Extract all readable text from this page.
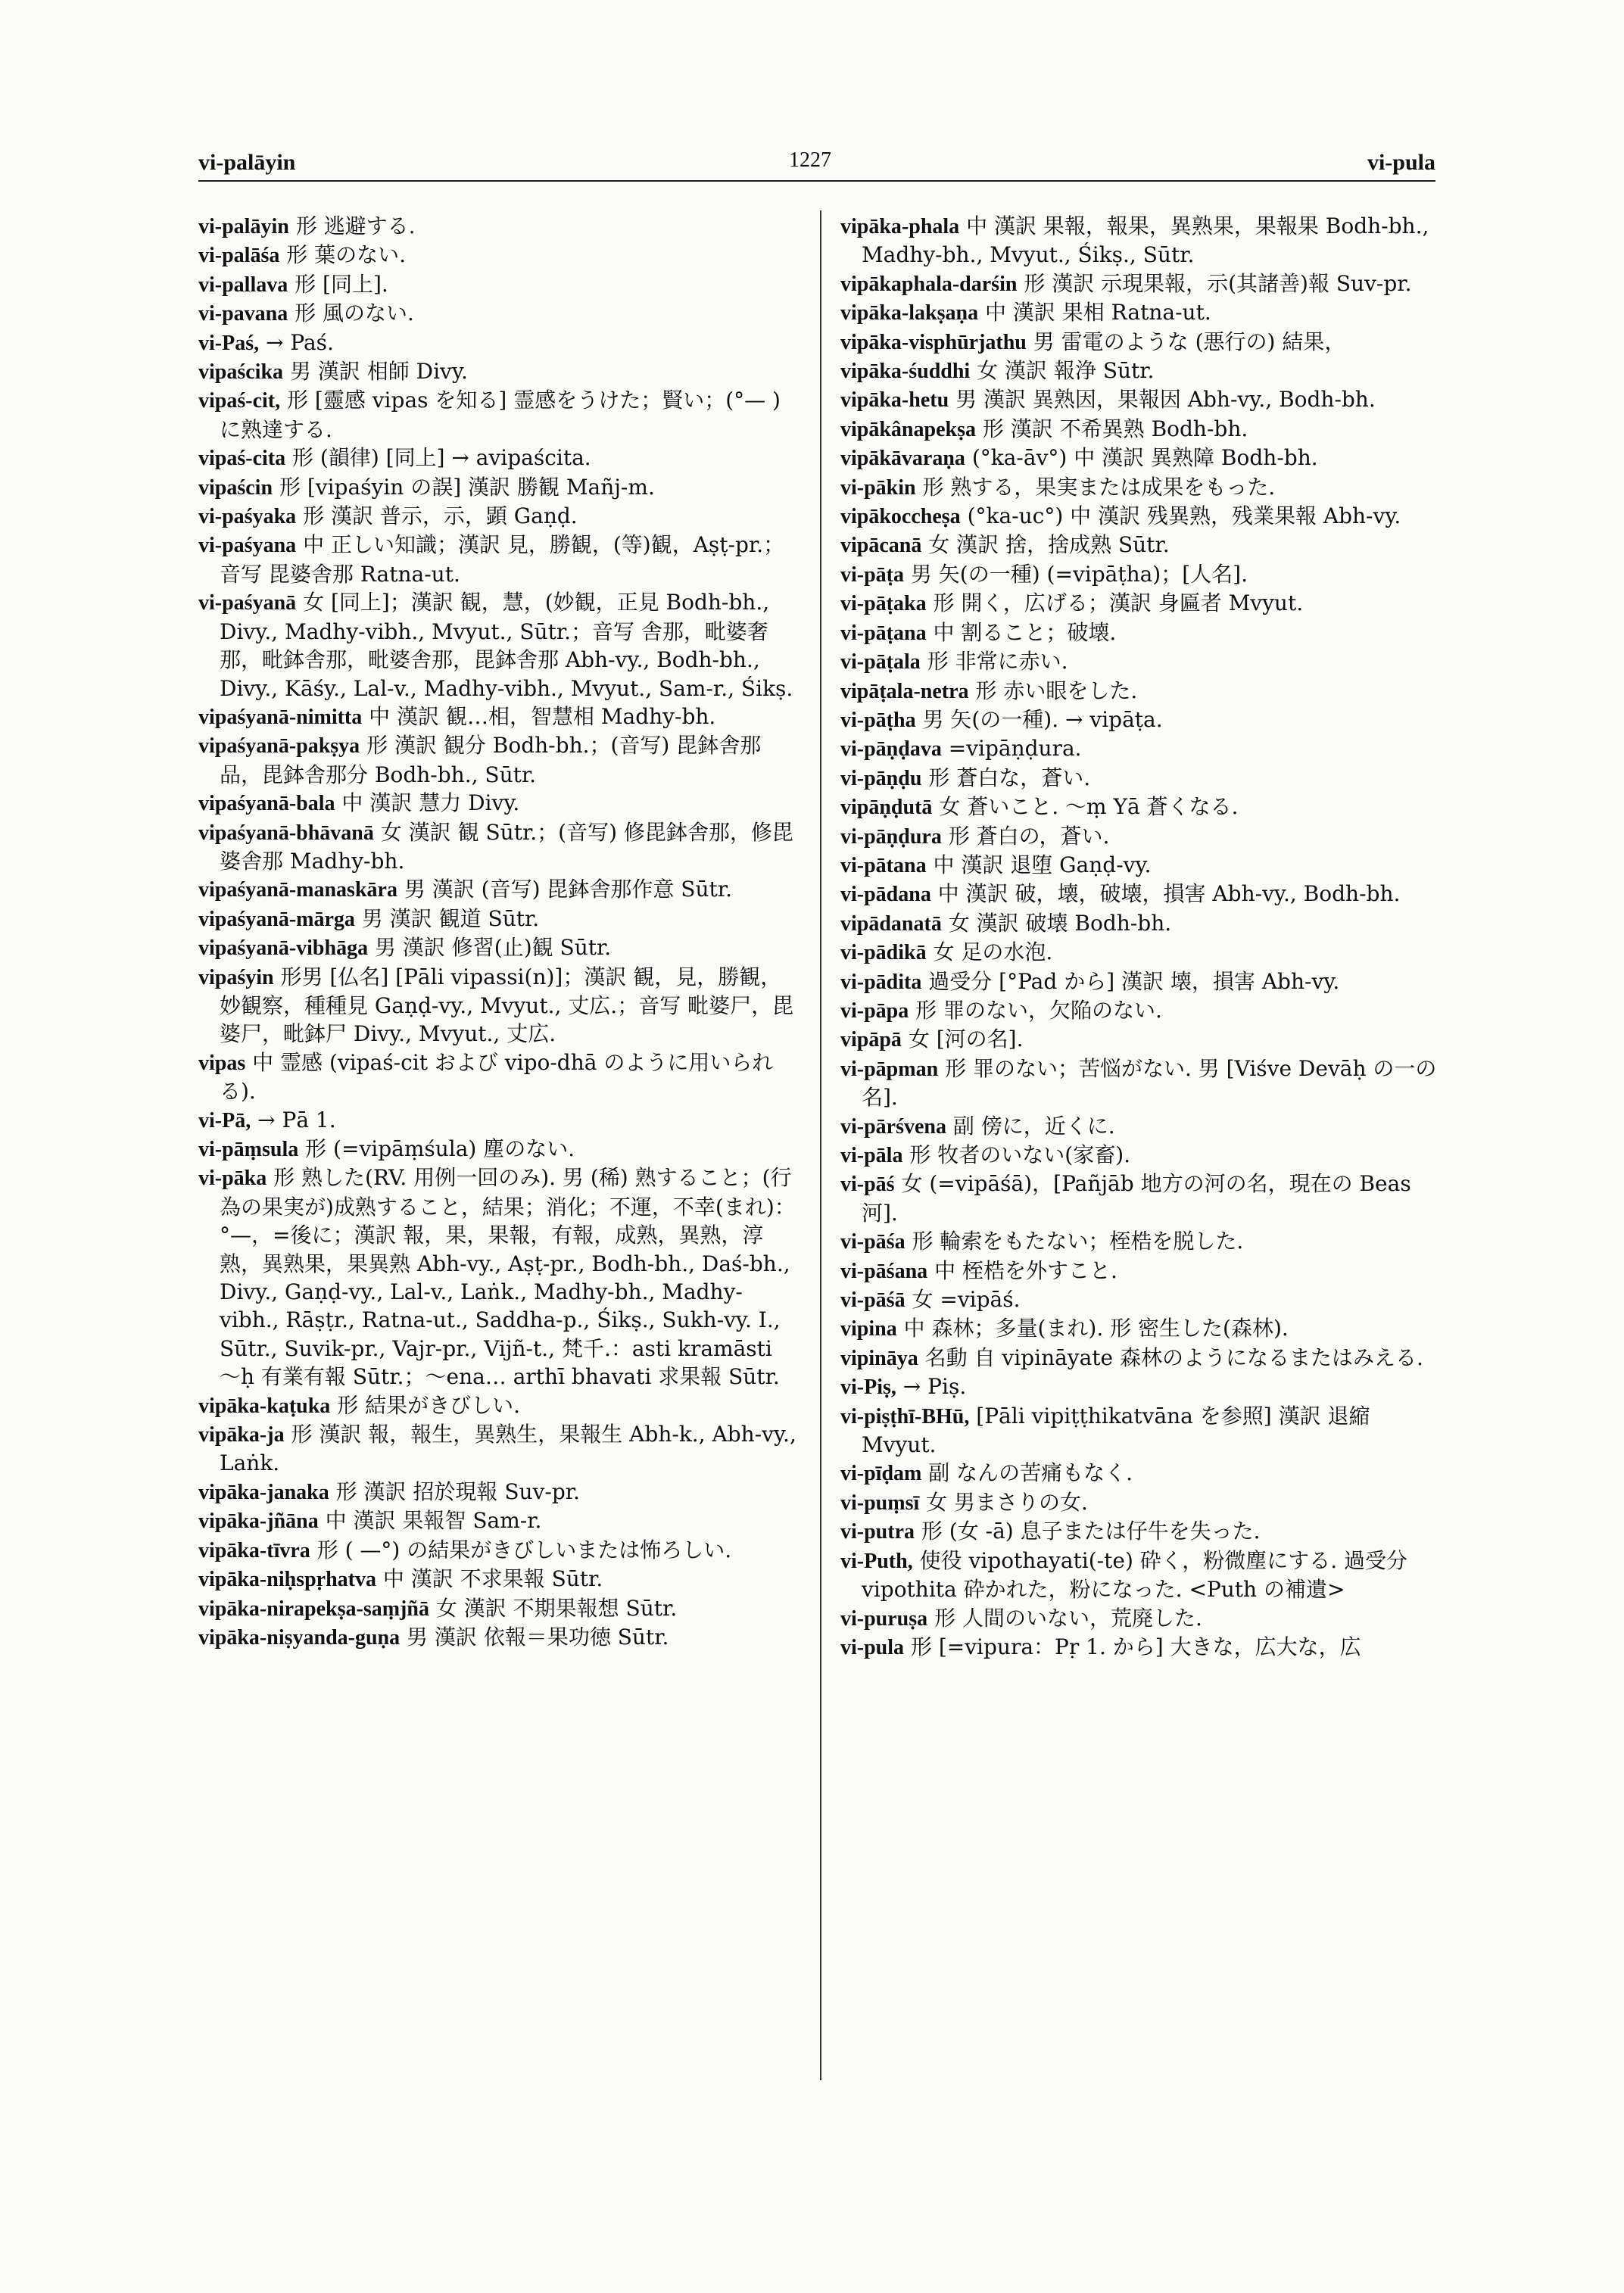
vi-palāyin	1227	vi-pula

vi-palāyin 形 逃避する.

vi-palāśa 形 葉のない.

vi-pallava 形 [同上].

vi-pavana 形 風のない.

vi-Paś, → Paś.

vipaścika 男 漢訳 相師 Divy.

vipaś-cit, 形 [靈感 vipas を知る] 霊感をうけた；賢い；(°— ) に熟達する.

vipaś-cita 形 (韻律) [同上] → avipaścita.

vipaścin 形 [vipaśyin の誤] 漢訳 勝観 Mañj-m.

vi-paśyaka 形 漢訳 普示，示，顕 Gaṇḍ.

vi-paśyana 中 正しい知識；漢訳 見，勝観，(等)観，Aṣṭ-pr.；音写 毘婆舎那 Ratna-ut.

vi-paśyanā 女 [同上]；漢訳 観，慧，(妙観，正見 Bodh-bh., Divy., Madhy-vibh., Mvyut., Sūtr.；音写 舎那，毗婆奢那，毗鉢舎那，毗婆舎那，毘鉢舎那 Abh-vy., Bodh-bh., Divy., Kāśy., Lal-v., Madhy-vibh., Mvyut., Sam-r., Śikṣ.

vipaśyanā-nimitta 中 漢訳 観…相，智慧相 Madhy-bh.

vipaśyanā-pakṣya 形 漢訳 観分 Bodh-bh.；(音写) 毘鉢舎那品，毘鉢舎那分 Bodh-bh., Sūtr.

vipaśyanā-bala 中 漢訳 慧力 Divy.

vipaśyanā-bhāvanā 女 漢訳 観 Sūtr.；(音写) 修毘鉢舎那，修毘婆舎那 Madhy-bh.

vipaśyanā-manaskāra 男 漢訳 (音写) 毘鉢舎那作意 Sūtr.

vipaśyanā-mārga 男 漢訳 観道 Sūtr.

vipaśyanā-vibhāga 男 漢訳 修習(止)観 Sūtr.

vipaśyin 形男 [仏名] [Pāli vipassi(n)]；漢訳 観，見，勝観，妙観察，種種見 Gaṇḍ-vy., Mvyut., 丈広.；音写 毗婆尸，毘婆尸，毗鉢尸 Divy., Mvyut., 丈広.

vipas 中 霊感 (vipaś-cit および vipo-dhā のように用いられる).

vi-Pā, → Pā 1.

vi-pāṃsula 形 (=vipāṃśula) 塵のない.

vi-pāka 形 熟した(RV. 用例一回のみ). 男 (稀) 熟すること；(行為の果実が)成熟すること，結果；消化；不運，不幸(まれ)：°—，=後に；漢訳 報，果，果報，有報，成熟，異熟，淳熟，異熟果，果異熟 Abh-vy., Aṣṭ-pr., Bodh-bh., Daś-bh., Divy., Gaṇḍ-vy., Lal-v., Laṅk., Madhy-bh., Madhy-vibh., Rāṣṭr., Ratna-ut., Saddha-p., Śikṣ., Sukh-vy. I., Sūtr., Suvik-pr., Vajr-pr., Vijñ-t., 梵千.：asti kramāsti ～ḥ 有業有報 Sūtr.；～ena… arthī bhavati 求果報 Sūtr.

vipāka-kaṭuka 形 結果がきびしい.

vipāka-ja 形 漢訳 報，報生，異熟生，果報生 Abh-k., Abh-vy., Laṅk.

vipāka-janaka 形 漢訳 招於現報 Suv-pr.

vipāka-jñāna 中 漢訳 果報智 Sam-r.

vipāka-tīvra 形 ( —°) の結果がきびしいまたは怖ろしい.

vipāka-niḥspṛhatva 中 漢訳 不求果報 Sūtr.

vipāka-nirapekṣa-saṃjñā 女 漢訳 不期果報想 Sūtr.

vipāka-niṣyanda-guṇa 男 漢訳 依報＝果功徳 Sūtr.

vipāka-phala 中 漢訳 果報，報果，異熟果，果報果 Bodh-bh., Madhy-bh., Mvyut., Śikṣ., Sūtr.

vipākaphala-darśin 形 漢訳 示現果報，示(其諸善)報 Suv-pr.

vipāka-lakṣaṇa 中 漢訳 果相 Ratna-ut.

vipāka-visphūrjathu 男 雷電のような (悪行の) 結果，

vipāka-śuddhi 女 漢訳 報浄 Sūtr.

vipāka-hetu 男 漢訳 異熟因，果報因 Abh-vy., Bodh-bh.

vipākânapekṣa 形 漢訳 不希異熟 Bodh-bh.

vipākāvaraṇa (°ka-āv°) 中 漢訳 異熟障 Bodh-bh.

vi-pākin 形 熟する，果実または成果をもった.

vipākoccheṣa (°ka-uc°) 中 漢訳 残異熟，残業果報 Abh-vy.

vipācanā 女 漢訳 捨，捨成熟 Sūtr.

vi-pāṭa 男 矢(の一種) (=vipāṭha)；[人名].

vi-pāṭaka 形 開く，広げる；漢訳 身匾者 Mvyut.

vi-pāṭana 中 割ること；破壊.

vi-pāṭala 形 非常に赤い.

vipāṭala-netra 形 赤い眼をした.

vi-pāṭha 男 矢(の一種). → vipāṭa.

vi-pāṇḍava =vipāṇḍura.

vi-pāṇḍu 形 蒼白な，蒼い.

vipāṇḍutā 女 蒼いこと. ～ṃ Yā 蒼くなる.

vi-pāṇḍura 形 蒼白の，蒼い.

vi-pātana 中 漢訳 退堕 Gaṇḍ-vy.

vi-pādana 中 漢訳 破，壊，破壊，損害 Abh-vy., Bodh-bh.

vipādanatā 女 漢訳 破壊 Bodh-bh.

vi-pādikā 女 足の水泡.

vi-pādita 過受分 [°Pad から] 漢訳 壊，損害 Abh-vy.

vi-pāpa 形 罪のない，欠陥のない.

vipāpā 女 [河の名].

vi-pāpman 形 罪のない；苦悩がない. 男 [Viśve Devāḥ の一の名].

vi-pārśvena 副 傍に，近くに.

vi-pāla 形 牧者のいない(家畜).

vi-pāś 女 (=vipāśā)，[Pañjāb 地方の河の名，現在の Beas 河].

vi-pāśa 形 輪索をもたない；桎梏を脱した.

vi-pāśana 中 桎梏を外すこと.

vi-pāśā 女 =vipāś.

vipina 中 森林；多量(まれ). 形 密生した(森林).

vipināya 名動 自 vipināyate 森林のようになるまたはみえる.

vi-Piṣ, → Piṣ.

vi-piṣṭhī-BHū, [Pāli vipiṭṭhikatvāna を参照] 漢訳 退縮 Mvyut.

vi-pīḍam 副 なんの苦痛もなく.

vi-puṃsī 女 男まさりの女.

vi-putra 形 (女 -ā) 息子または仔牛を失った.

vi-Puth, 使役 vipothayati(-te) 砕く，粉微塵にする. 過受分 vipothita 砕かれた，粉になった. <Puth の補遺>

vi-puruṣa 形 人間のいない，荒廃した.

vi-pula 形 [=vipura：Pṛ 1. から] 大きな，広大な，広
